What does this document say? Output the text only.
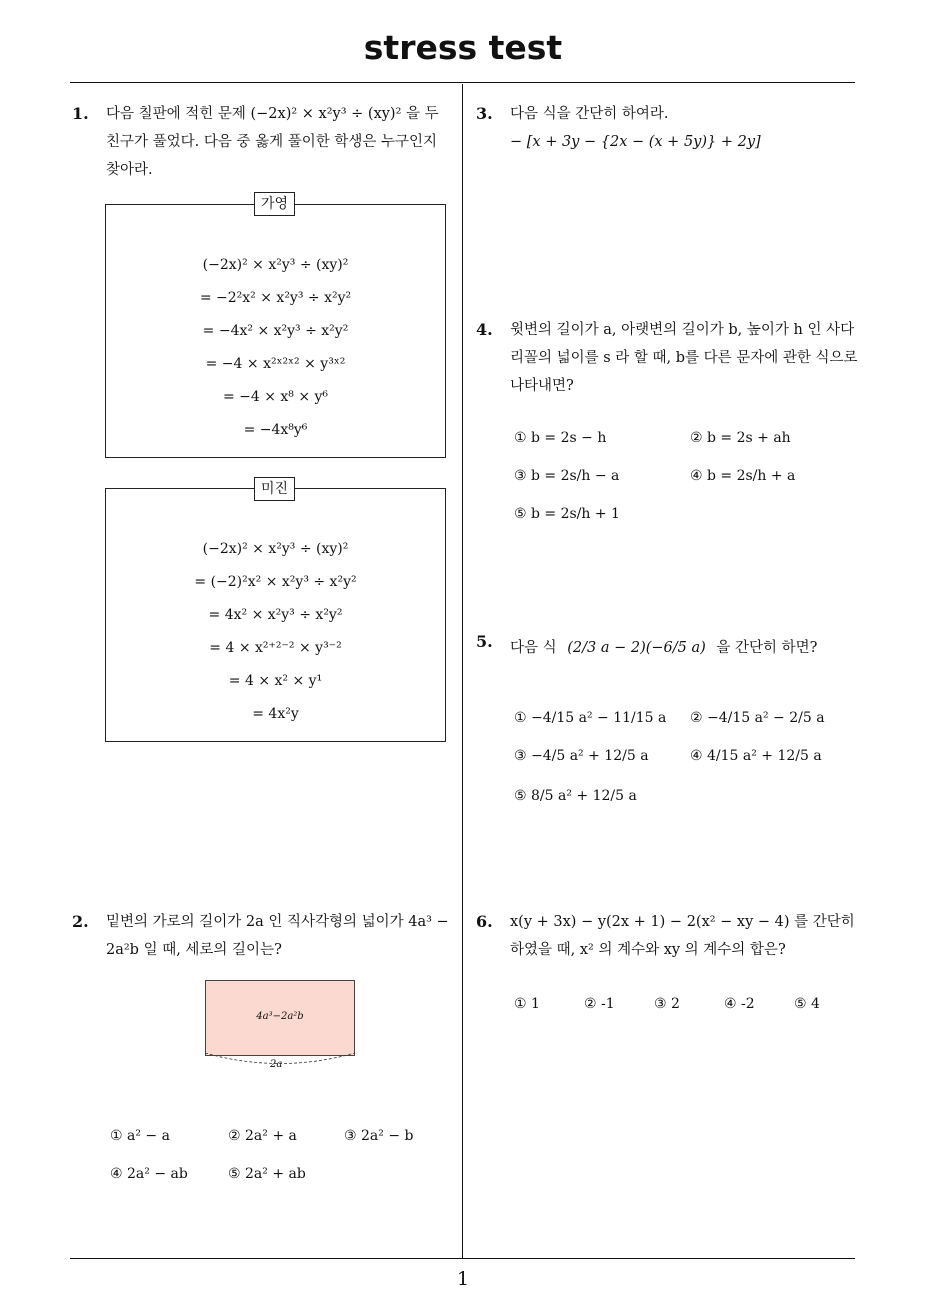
stress test
1
1. 다음 칠판에 적힌 문제 (−2x)² × x²y³ ÷ (xy)² 을 두
친구가 풀었다. 다음 중 옳게 풀이한 학생은 누구인지
찾아라.
(−2x)² × x²y³ ÷ (xy)²
= −2²x² × x²y³ ÷ x²y²
= −4x² × x²y³ ÷ x²y²
= −4 × x²ˣ²ˣ² × y³ˣ²
= −4 × x⁸ × y⁶
= −4x⁸y⁶
가영
(−2x)² × x²y³ ÷ (xy)²
= (−2)²x² × x²y³ ÷ x²y²
= 4x² × x²y³ ÷ x²y²
= 4 × x²⁺²⁻² × y³⁻²
= 4 × x² × y¹
= 4x²y
미진
2. 밑변의 가로의 길이가 2a 인 직사각형의 넓이가 4a³ −
2a²b 일 때, 세로의 길이는?
4a³−2a²b
2a
① a² − a	② 2a² + a	③ 2a² − b
④ 2a² − ab	⑤ 2a² + ab
3. 다음 식을 간단히 하여라.
− [x + 3y − {2x − (x + 5y)} + 2y]
4. 윗변의 길이가 a, 아랫변의 길이가 b, 높이가 h 인 사다
리꼴의 넓이를 s 라 할 때, b를 다른 문자에 관한 식으로
나타내면?
① b = 2s − h	② b = 2s + ah
③ b = 2s/h − a	④ b = 2s/h + a
⑤ b = 2s/h + 1
5. 다음 식 (2/3 a − 2)(−6/5 a) 을 간단히 하면?
① −4/15 a² − 11/15 a ② −4/15 a² − 2/5 a
③ −4/5 a² + 12/5 a	④ 4/15 a² + 12/5 a
⑤ 8/5 a² + 12/5 a
6. x(y + 3x) − y(2x + 1) − 2(x² − xy − 4) 를 간단히
하였을 때, x² 의 계수와 xy 의 계수의 합은?
① 1	② -1	③ 2	④ -2	⑤ 4
